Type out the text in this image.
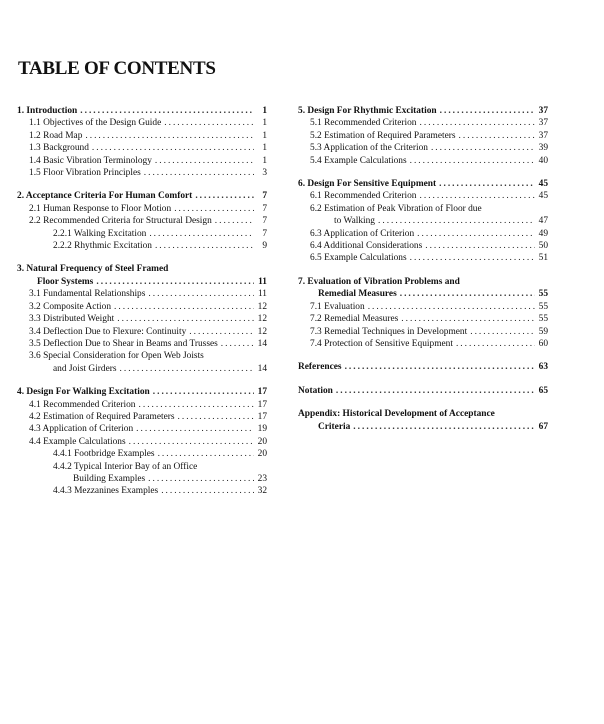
TABLE OF CONTENTS
1. Introduction .....	1
1.1 Objectives of the Design Guide .....	1
1.2 Road Map .....	1
1.3 Background .....	1
1.4 Basic Vibration Terminology .....	1
1.5 Floor Vibration Principles .....	3
2. Acceptance Criteria For Human Comfort .....	7
2.1 Human Response to Floor Motion .....	7
2.2 Recommended Criteria for Structural Design .....	7
2.2.1 Walking Excitation .....	7
2.2.2 Rhythmic Excitation .....	9
3. Natural Frequency of Steel Framed
Floor Systems .....	11
3.1 Fundamental Relationships .....	11
3.2 Composite Action .....	12
3.3 Distributed Weight .....	12
3.4 Deflection Due to Flexure: Continuity .....	12
3.5 Deflection Due to Shear in Beams and Trusses .....	14
3.6 Special Consideration for Open Web Joists
and Joist Girders .....	14
4. Design For Walking Excitation .....	17
4.1 Recommended Criterion .....	17
4.2 Estimation of Required Parameters .....	17
4.3 Application of Criterion .....	19
4.4 Example Calculations .....	20
4.4.1 Footbridge Examples .....	20
4.4.2 Typical Interior Bay of an Office
Building Examples .....	23
4.4.3 Mezzanines Examples .....	32
5. Design For Rhythmic Excitation .....	37
5.1 Recommended Criterion .....	37
5.2 Estimation of Required Parameters .....	37
5.3 Application of the Criterion .....	39
5.4 Example Calculations .....	40
6. Design For Sensitive Equipment .....	45
6.1 Recommended Criterion .....	45
6.2 Estimation of Peak Vibration of Floor due
to Walking .....	47
6.3 Application of Criterion .....	49
6.4 Additional Considerations .....	50
6.5 Example Calculations .....	51
7. Evaluation of Vibration Problems and
Remedial Measures .....	55
7.1 Evaluation .....	55
7.2 Remedial Measures .....	55
7.3 Remedial Techniques in Development .....	59
7.4 Protection of Sensitive Equipment .....	60
References .....	63
Notation .....	65
Appendix: Historical Development of Acceptance
Criteria .....	67
